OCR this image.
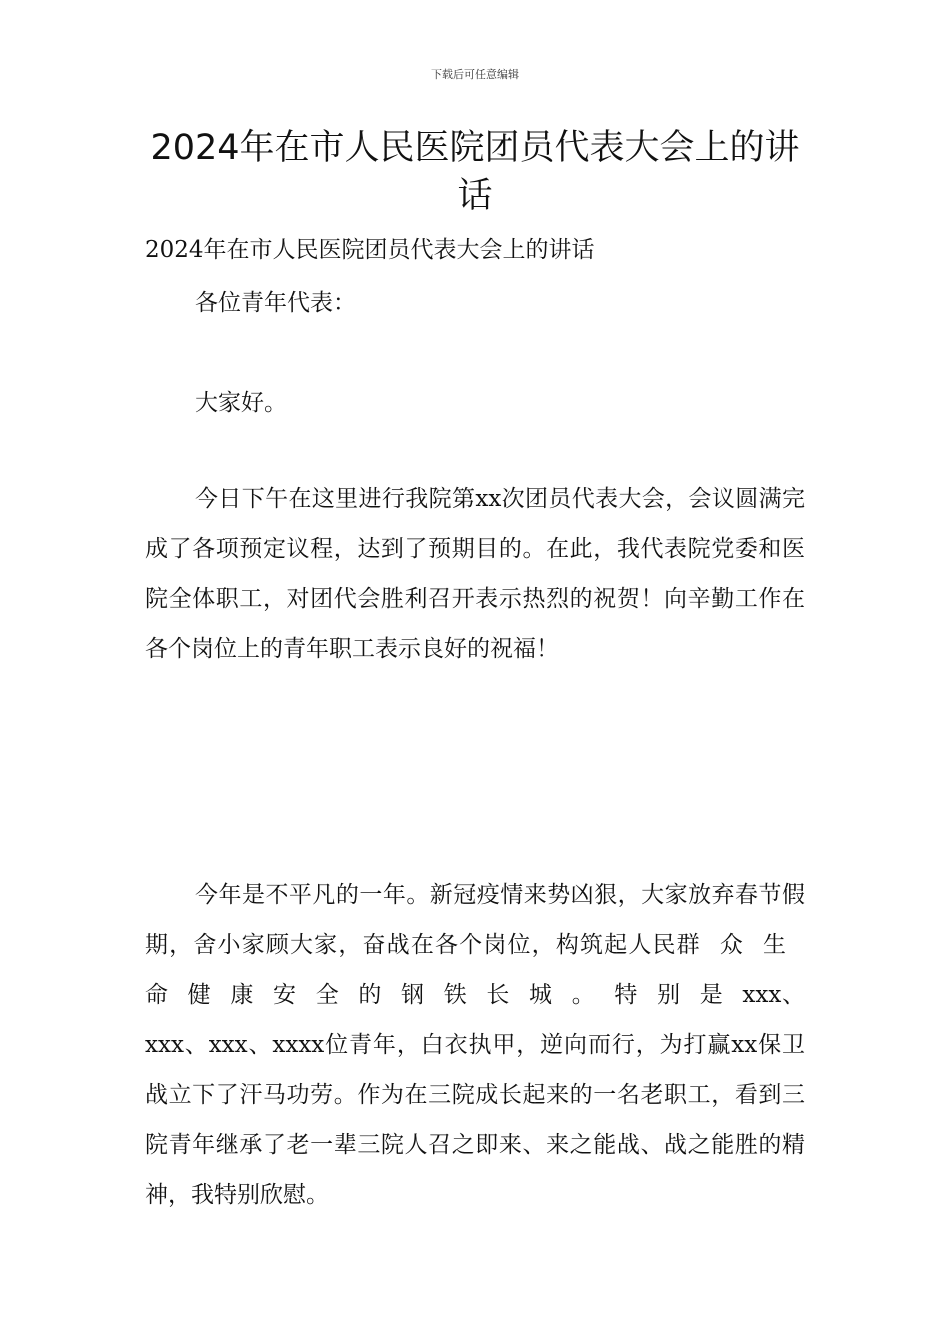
下载后可任意编辑
2024年在市人民医院团员代表大会上的讲话

2024年在市人民医院团员代表大会上的讲话

各位青年代表：

大家好。

今日下午在这里进行我院第xx次团员代表大会，会议圆满完成了各项预定议程，达到了预期目的。在此，我代表院党委和医院全体职工，对团代会胜利召开表示热烈的祝贺！向辛勤工作在各个岗位上的青年职工表示良好的祝福！

今年是不平凡的一年。新冠疫情来势凶狠，大家放弃春节假期，舍小家顾大家，奋战在各个岗位，构筑起人民群众生命健康安全的钢铁长城。特别是xxx、xxx、xxx、xxxx位青年，白衣执甲，逆向而行，为打赢xx保卫战立下了汗马功劳。作为在三院成长起来的一名老职工，看到三院青年继承了老一辈三院人召之即来、来之能战、战之能胜的精神，我特别欣慰。
